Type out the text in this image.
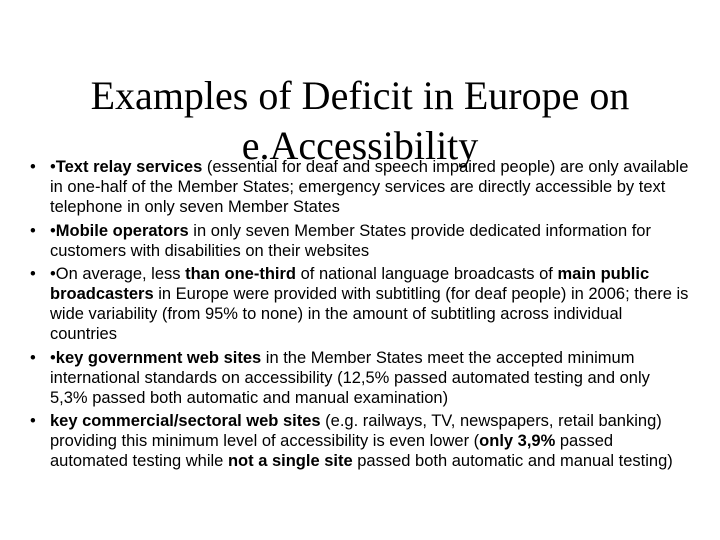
Examples of Deficit in Europe on
e.Accessibility
• •Text relay services (essential for deaf and speech impaired people) are only available in one-half of the Member States; emergency services are directly accessible by text telephone in only seven Member States
• •Mobile operators in only seven Member States provide dedicated information for customers with disabilities on their websites
• •On average, less than one-third of national language broadcasts of main public broadcasters in Europe were provided with subtitling (for deaf people) in 2006; there is wide variability (from 95% to none) in the amount of subtitling across individual countries
• •key government web sites in the Member States meet the accepted minimum international standards on accessibility (12,5% passed automated testing and only 5,3% passed both automatic and manual examination)
• key commercial/sectoral web sites (e.g. railways, TV, newspapers, retail banking) providing this minimum level of accessibility is even lower (only 3,9% passed automated testing while not a single site passed both automatic and manual testing)
